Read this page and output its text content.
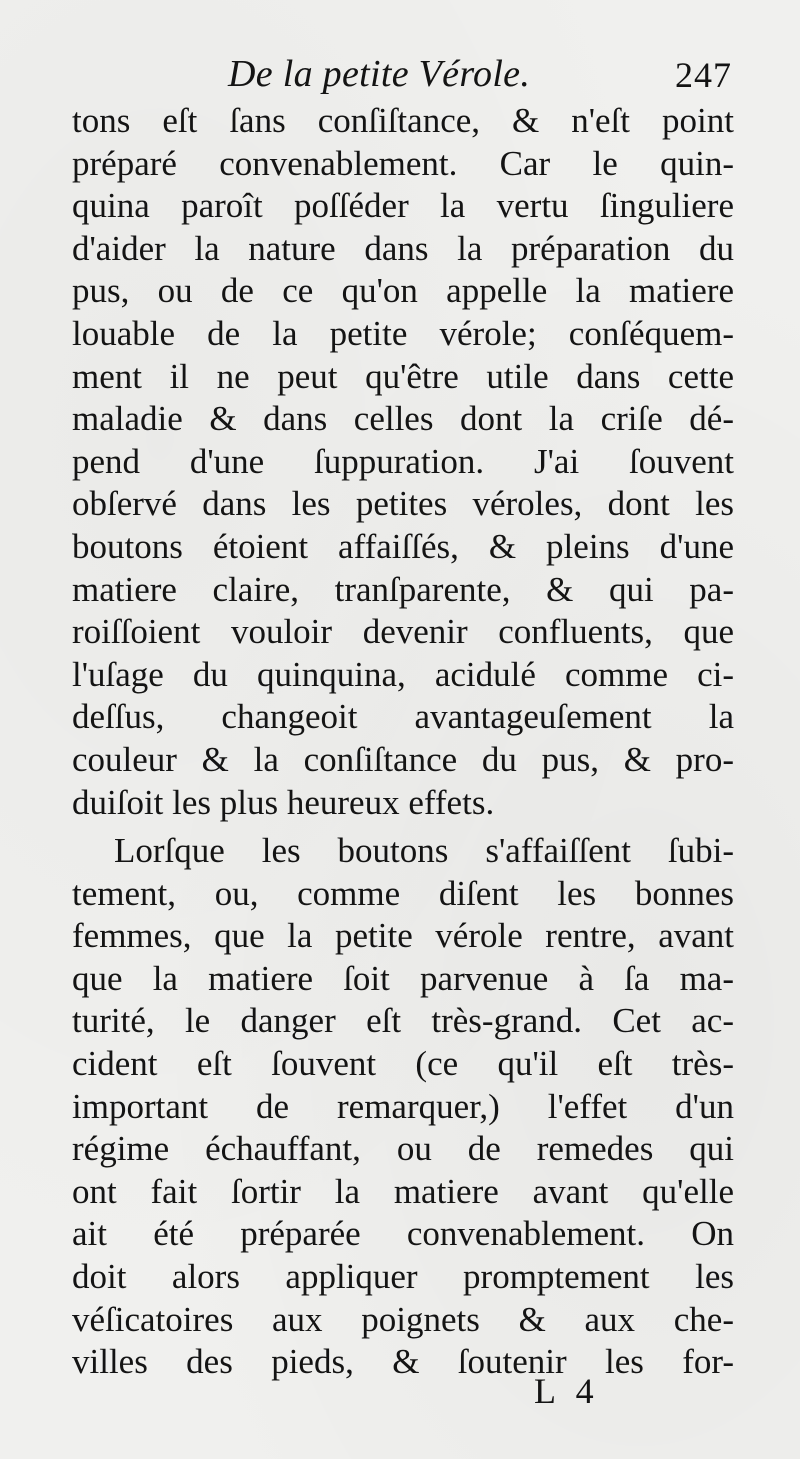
De la petite Vérole.	247
tons eſt ſans conſiſtance, & n'eſt point
préparé convenablement. Car le quin-
quina paroît poſſéder la vertu ſinguliere
d'aider la nature dans la préparation du
pus, ou de ce qu'on appelle la matiere
louable de la petite vérole; conſéquem-
ment il ne peut qu'être utile dans cette
maladie & dans celles dont la criſe dé-
pend d'une ſuppuration. J'ai ſouvent
obſervé dans les petites véroles, dont les
boutons étoient affaiſſés, & pleins d'une
matiere claire, tranſparente, & qui pa-
roiſſoient vouloir devenir confluents, que
l'uſage du quinquina, acidulé comme ci-
deſſus, changeoit avantageuſement la
couleur & la conſiſtance du pus, & pro-
duiſoit les plus heureux effets.
Lorſque les boutons s'affaiſſent ſubi-
tement, ou, comme diſent les bonnes
femmes, que la petite vérole rentre, avant
que la matiere ſoit parvenue à ſa ma-
turité, le danger eſt très-grand. Cet ac-
cident eſt ſouvent (ce qu'il eſt très-
important de remarquer,) l'effet d'un
régime échauffant, ou de remedes qui
ont fait ſortir la matiere avant qu'elle
ait été préparée convenablement. On
doit alors appliquer promptement les
véſicatoires aux poignets & aux che-
villes des pieds, & ſoutenir les for-
L 4
